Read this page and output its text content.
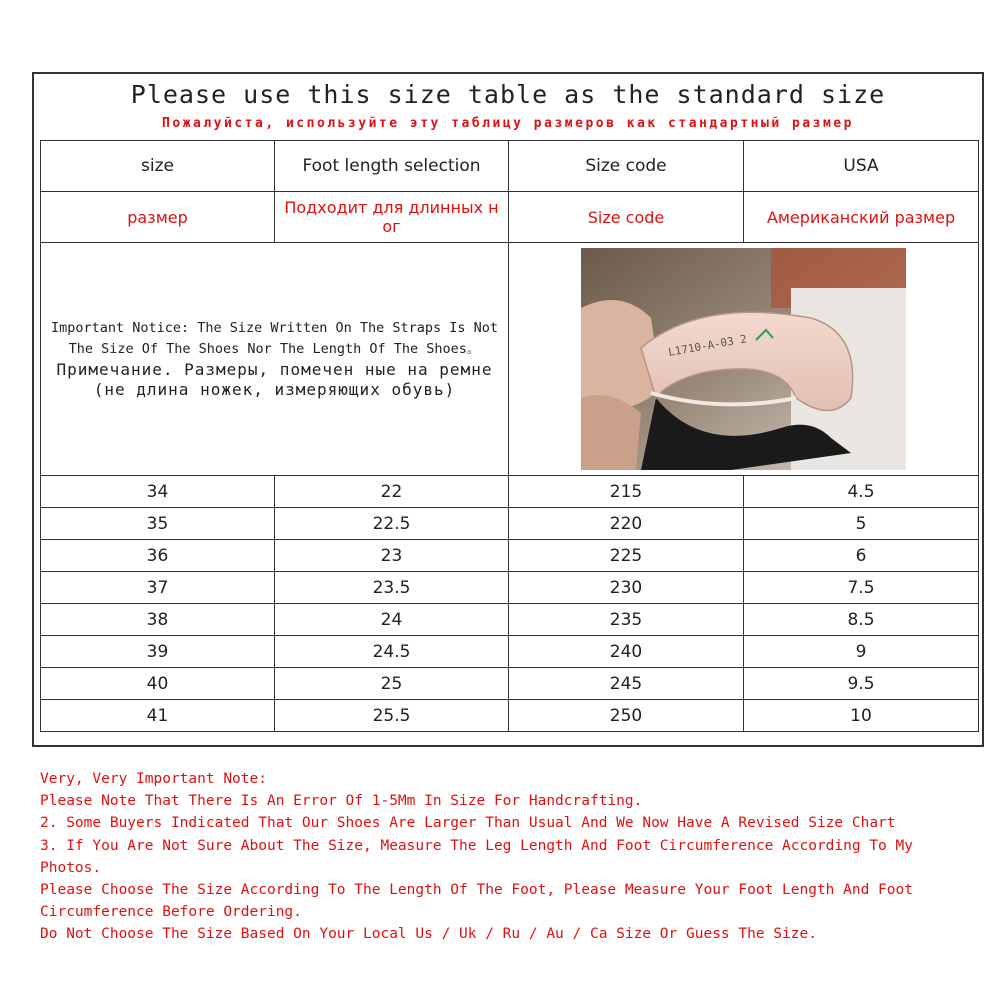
Please use this size table as the standard size
Пожалуйста, используйте эту таблицу размеров как стандартный размер
size	Foot length selection	Size code	USA
размер	Подходит для длинных н ог	Size code	Американский размер

Important Notice: The Size Written On The Straps Is Not The Size Of The Shoes Nor The Length Of The Shoes。
Примечание. Размеры, помечен ные на ремне (не длина ножек, измеряющих обувь)		L1710-A-03 2	

34	22	215	4.5
35	22.5	220	5
36	23	225	6
37	23.5	230	7.5
38	24	235	8.5
39	24.5	240	9
40	25	245	9.5
41	25.5	250	10
Very, Very Important Note:
Please Note That There Is An Error Of 1-5Mm In Size For Handcrafting.
2. Some Buyers Indicated That Our Shoes Are Larger Than Usual And We Now Have A Revised Size Chart
3. If You Are Not Sure About The Size, Measure The Leg Length And Foot Circumference According To My Photos.
Please Choose The Size According To The Length Of The Foot, Please Measure Your Foot Length And Foot Circumference Before Ordering.
Do Not Choose The Size Based On Your Local Us / Uk / Ru / Au / Ca Size Or Guess The Size.
